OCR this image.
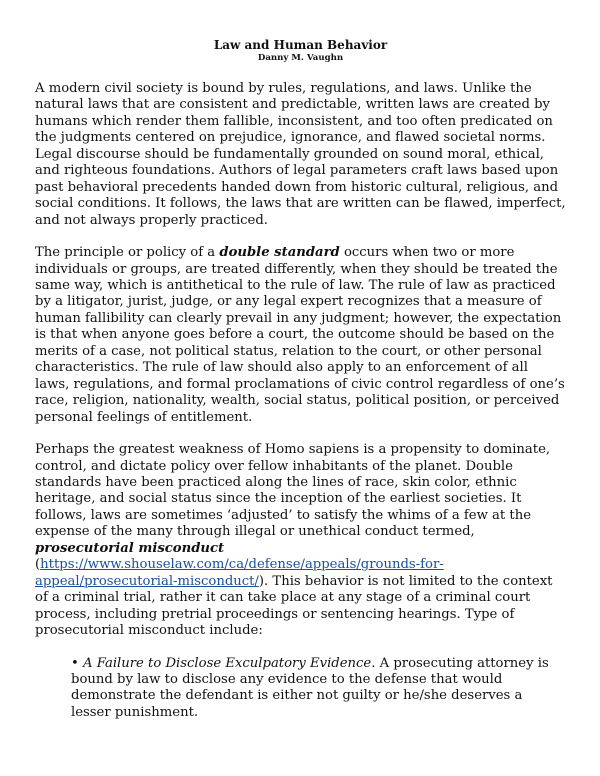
Law and Human Behavior
Danny M. Vaughn

A modern civil society is bound by rules, regulations, and laws. Unlike the natural laws that are consistent and predictable, written laws are created by humans which render them fallible, inconsistent, and too often predicated on the judgments centered on prejudice, ignorance, and flawed societal norms. Legal discourse should be fundamentally grounded on sound moral, ethical, and righteous foundations. Authors of legal parameters craft laws based upon past behavioral precedents handed down from historic cultural, religious, and social conditions. It follows, the laws that are written can be flawed, imperfect, and not always properly practiced.

The principle or policy of a double standard occurs when two or more individuals or groups, are treated differently, when they should be treated the same way, which is antithetical to the rule of law. The rule of law as practiced by a litigator, jurist, judge, or any legal expert recognizes that a measure of human fallibility can clearly prevail in any judgment; however, the expectation is that when anyone goes before a court, the outcome should be based on the merits of a case, not political status, relation to the court, or other personal characteristics. The rule of law should also apply to an enforcement of all laws, regulations, and formal proclamations of civic control regardless of one’s race, religion, nationality, wealth, social status, political position, or perceived personal feelings of entitlement.

Perhaps the greatest weakness of Homo sapiens is a propensity to dominate, control, and dictate policy over fellow inhabitants of the planet. Double standards have been practiced along the lines of race, skin color, ethnic heritage, and social status since the inception of the earliest societies. It follows, laws are sometimes ‘adjusted’ to satisfy the whims of a few at the expense of the many through illegal or unethical conduct termed, prosecutorial misconduct
(https://www.shouselaw.com/ca/defense/appeals/grounds-for-appeal/prosecutorial-misconduct/). This behavior is not limited to the context of a criminal trial, rather it can take place at any stage of a criminal court process, including pretrial proceedings or sentencing hearings. Type of prosecutorial misconduct include:

• A Failure to Disclose Exculpatory Evidence. A prosecuting attorney is bound by law to disclose any evidence to the defense that would demonstrate the defendant is either not guilty or he/she deserves a lesser punishment.
